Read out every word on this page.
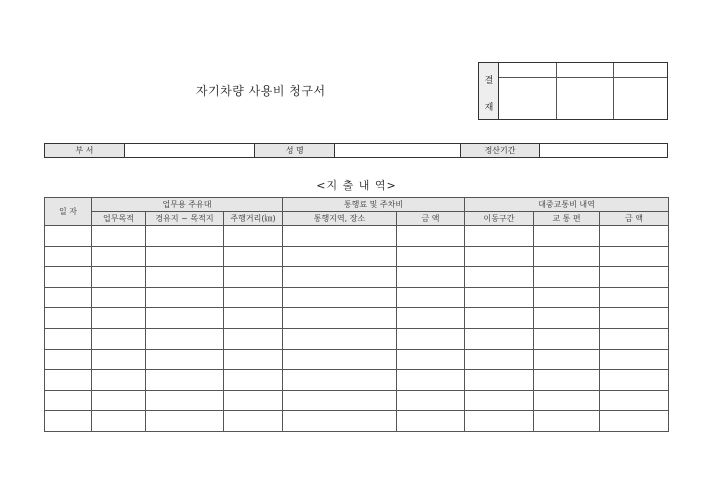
자기차량 사용비 청구서
결
재
부 서	성 명	정산기간
<지 출 내 역>
일 자	업무용 주유대			통행료 및 주차비		대중교통비 내역		
	업무목적	경유지 ~ 목적지	주행거리(㎞)	통행지역, 장소	금 액	이동구간	교 통 편	금 액
